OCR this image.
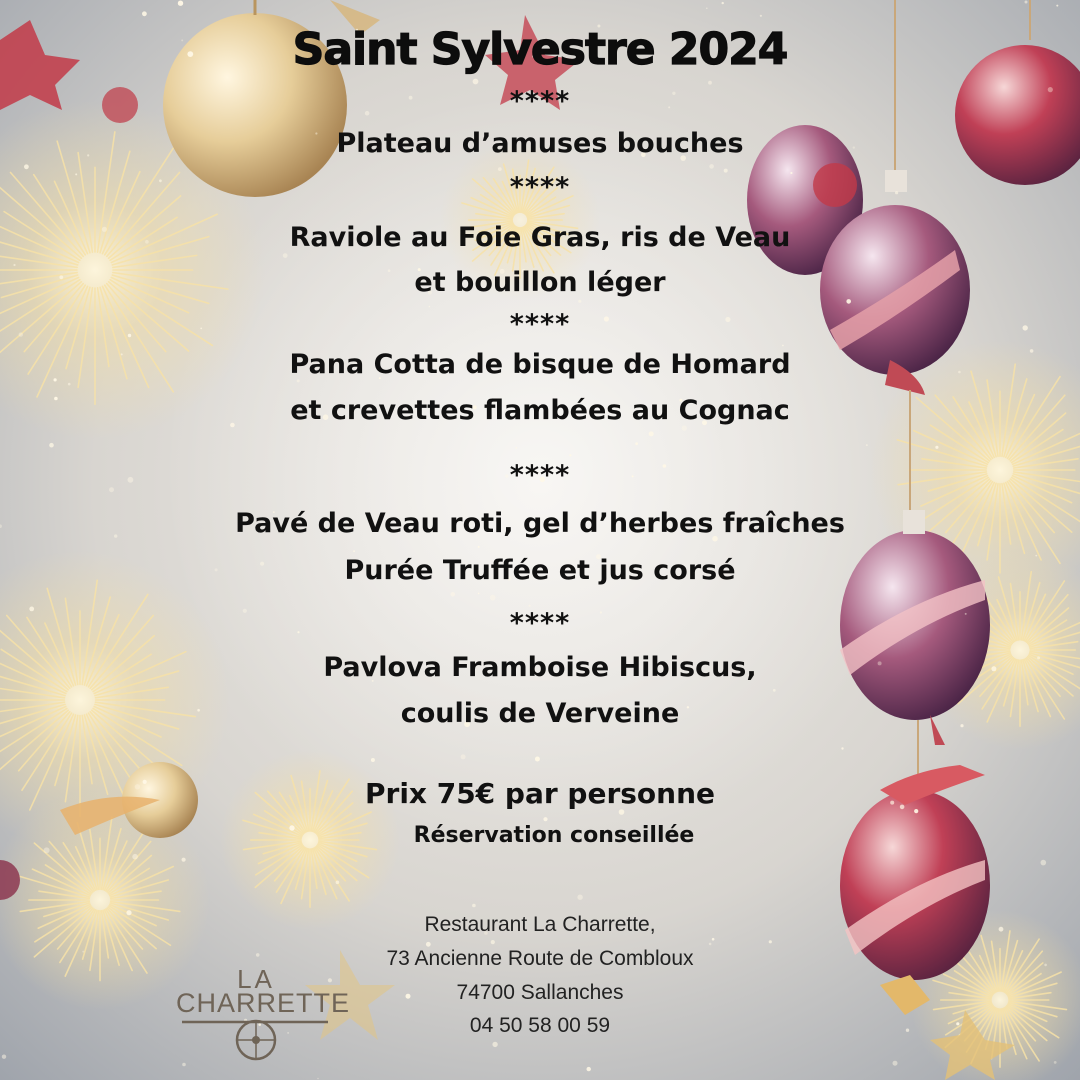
Saint Sylvestre 2024
****
Plateau d’amuses bouches
****
Raviole au Foie Gras, ris de Veau
et bouillon léger
****
Pana Cotta de bisque de Homard
et crevettes flambées au Cognac
****
Pavé de Veau roti, gel d’herbes fraîches
Purée Truffée et jus corsé
****
Pavlova Framboise Hibiscus,
coulis de Verveine
Prix 75€ par personne
Réservation conseillée
Restaurant La Charrette,
73 Ancienne Route de Combloux
74700 Sallanches
04 50 58 00 59
LA
CHARRETTE
